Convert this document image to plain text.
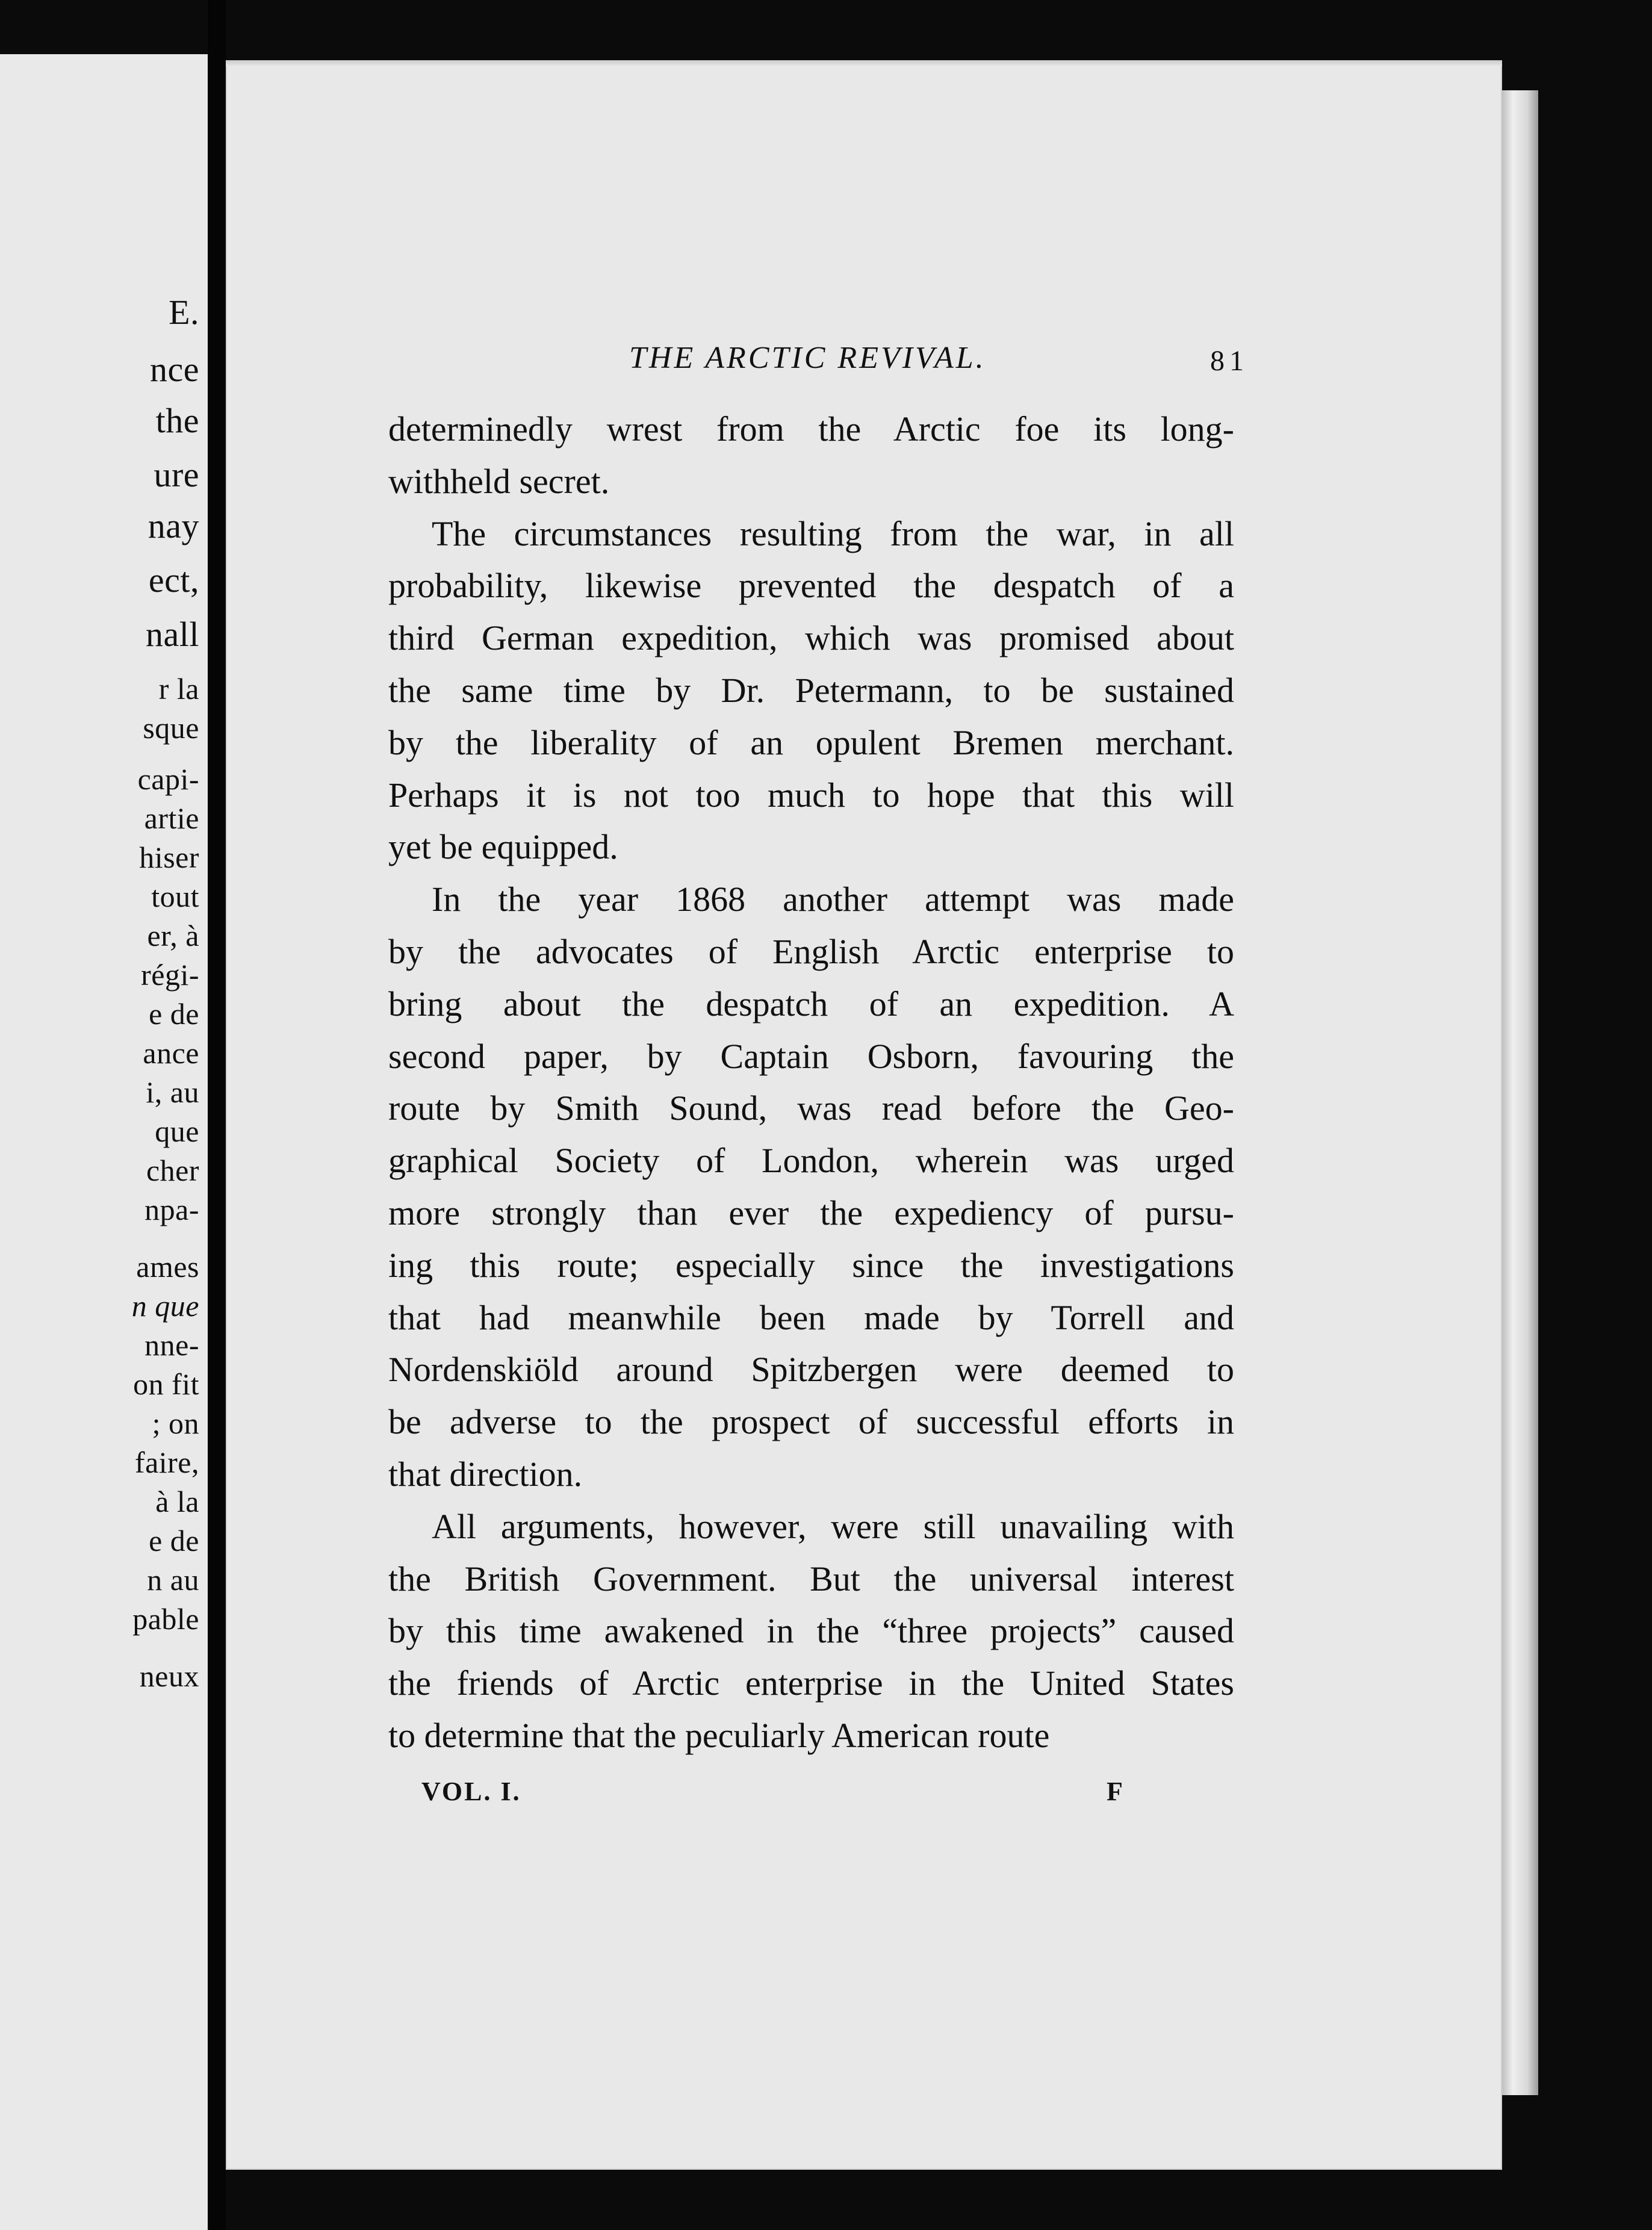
E.
nce
the
ure
nay
ect,
nall
r la
sque
capi-
artie
hiser
tout
er, à
régi-
e de
ance
i, au
que
cher
npa-
ames
n que
nne-
on fit
; on
faire,
à la
e de
n au
pable
neux
THE ARCTIC REVIVAL.	81

determinedly wrest from the Arctic foe its long-

withheld secret.

The circumstances resulting from the war, in all

probability, likewise prevented the despatch of a

third German expedition, which was promised about

the same time by Dr. Petermann, to be sustained

by the liberality of an opulent Bremen merchant.

Perhaps it is not too much to hope that this will

yet be equipped.

In the year 1868 another attempt was made

by the advocates of English Arctic enterprise to

bring about the despatch of an expedition. A

second paper, by Captain Osborn, favouring the

route by Smith Sound, was read before the Geo-

graphical Society of London, wherein was urged

more strongly than ever the expediency of pursu-

ing this route; especially since the investigations

that had meanwhile been made by Torrell and

Nordenskiöld around Spitzbergen were deemed to

be adverse to the prospect of successful efforts in

that direction.

All arguments, however, were still unavailing with

the British Government. But the universal interest

by this time awakened in the “three projects” caused

the friends of Arctic enterprise in the United States

to determine that the peculiarly American route

VOL. I.	F
